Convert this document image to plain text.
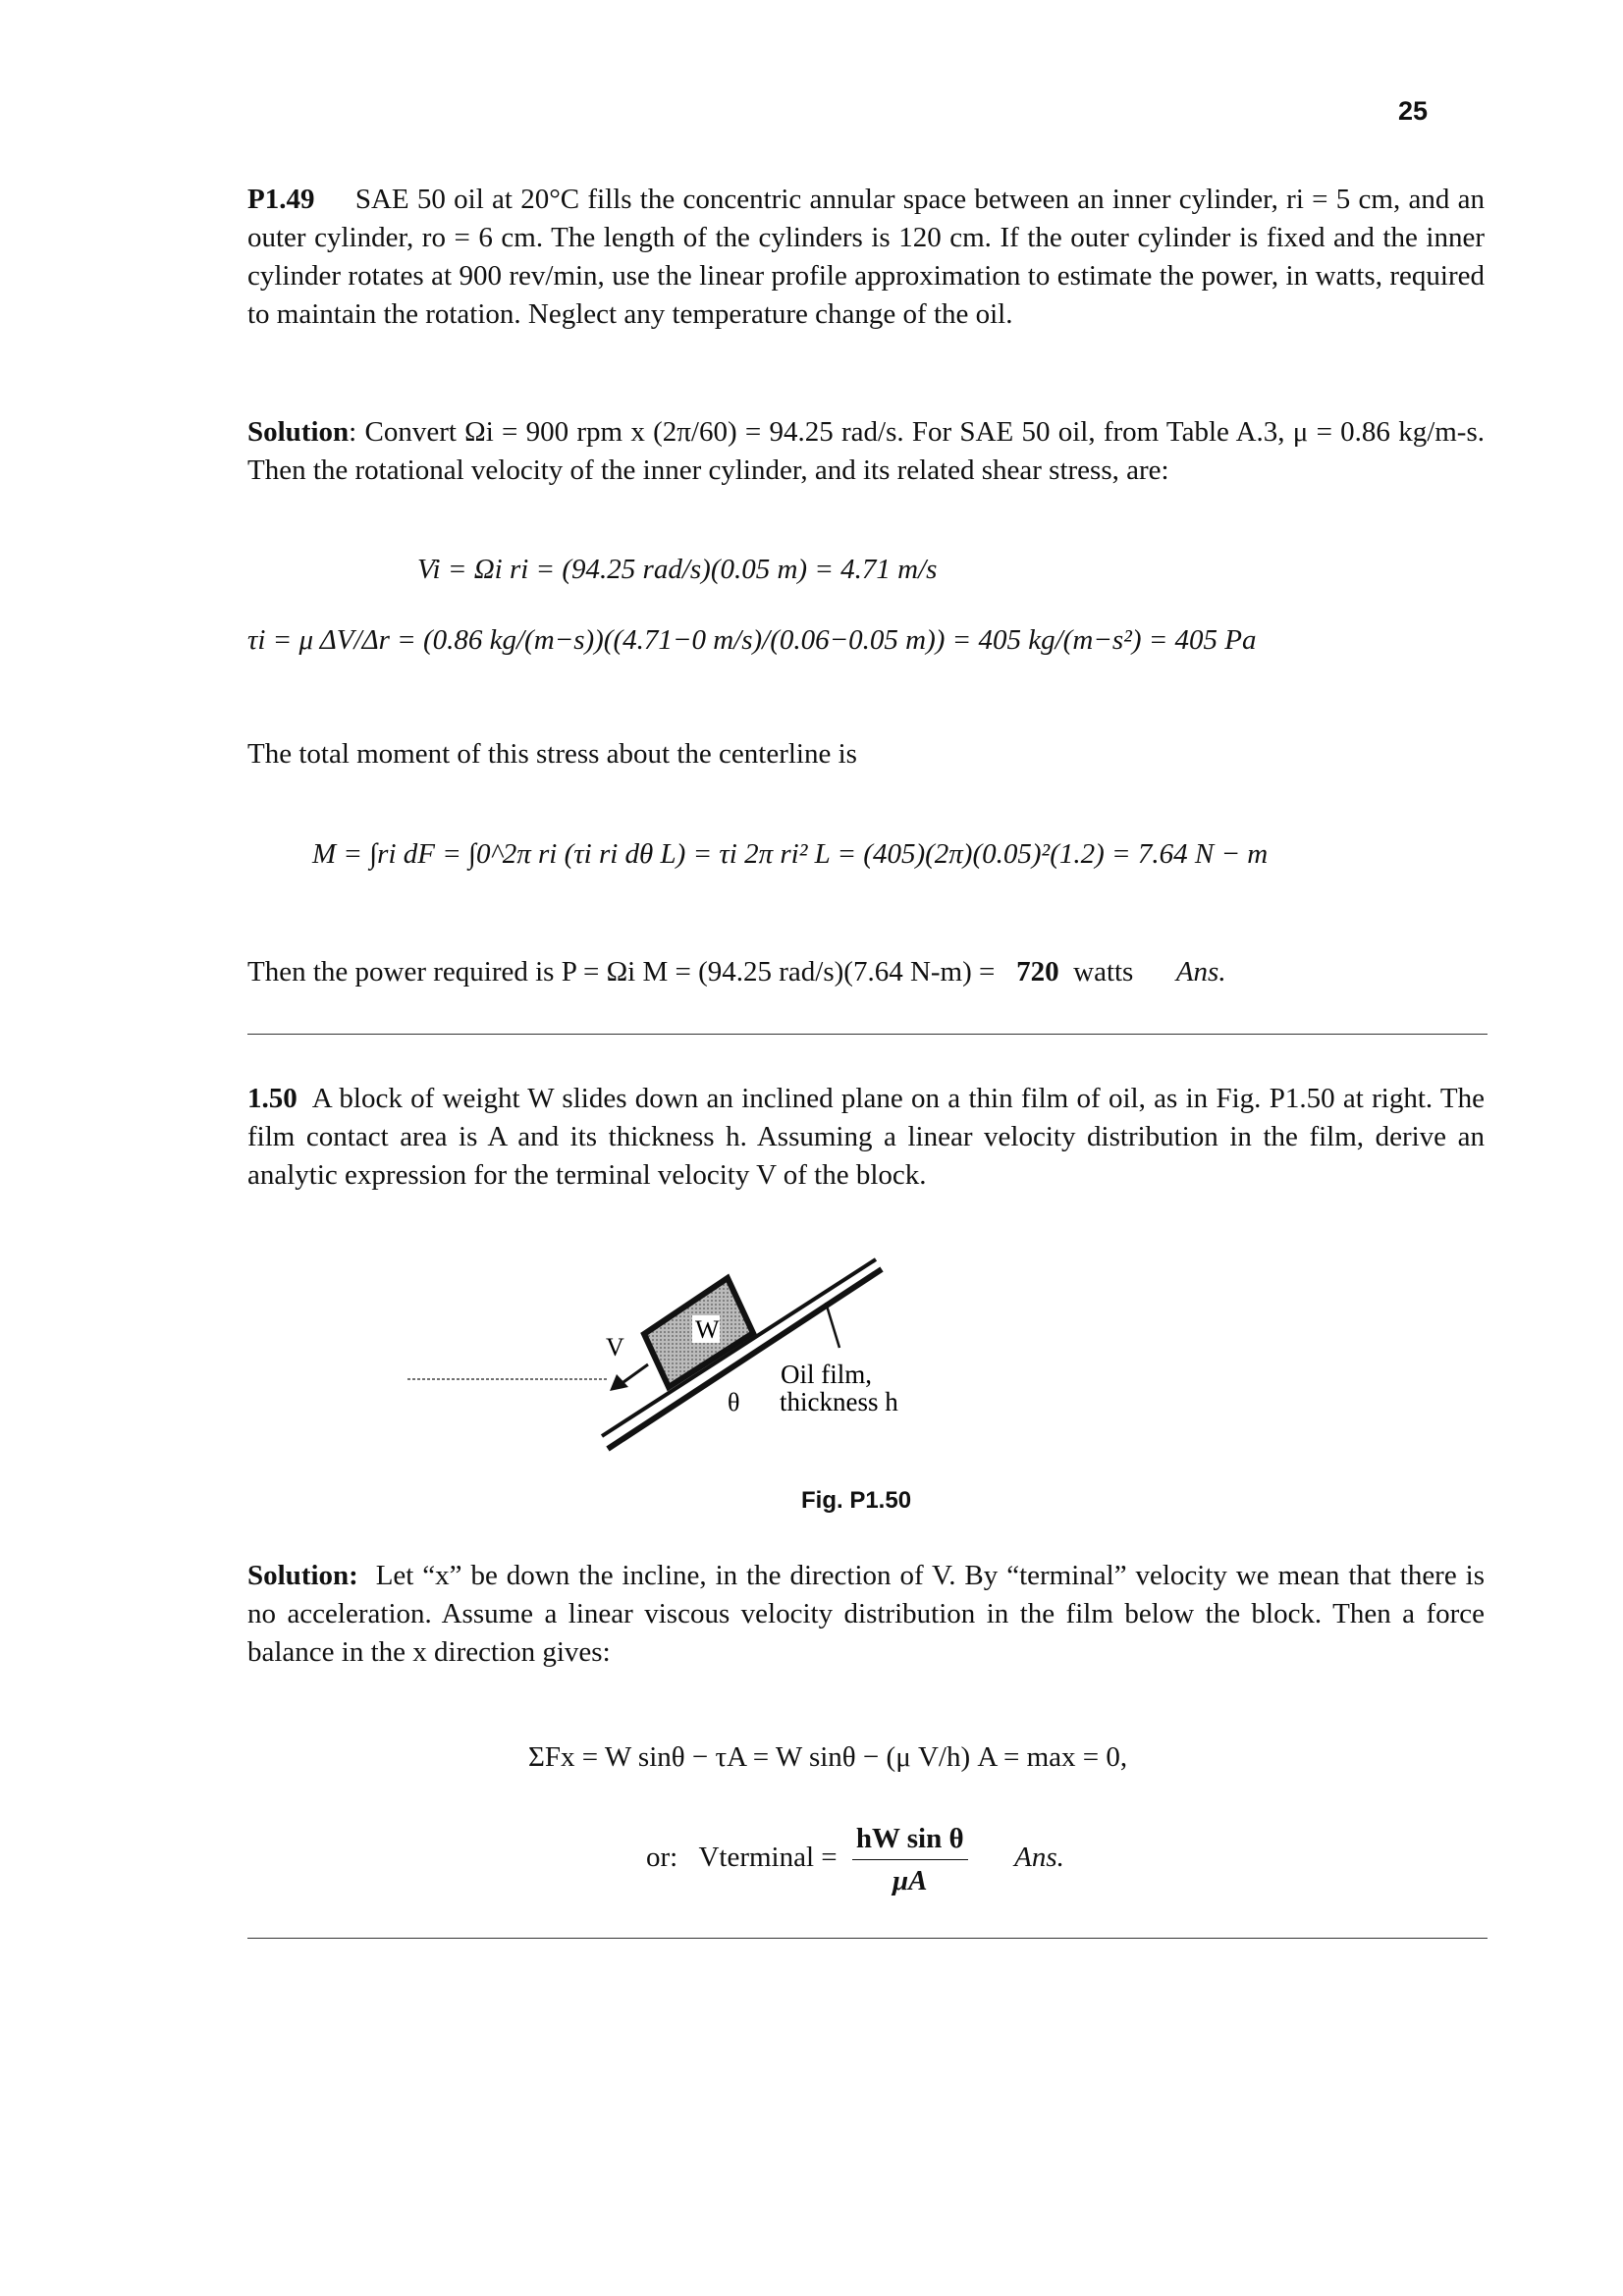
25
P1.49 SAE 50 oil at 20°C fills the concentric annular space between an inner cylinder, ri = 5 cm, and an outer cylinder, ro = 6 cm. The length of the cylinders is 120 cm. If the outer cylinder is fixed and the inner cylinder rotates at 900 rev/min, use the linear profile approximation to estimate the power, in watts, required to maintain the rotation. Neglect any temperature change of the oil.
Solution: Convert Ωi = 900 rpm x (2π/60) = 94.25 rad/s. For SAE 50 oil, from Table A.3, μ = 0.86 kg/m-s. Then the rotational velocity of the inner cylinder, and its related shear stress, are:
Vi = Ωi ri = (94.25 rad/s)(0.05 m) = 4.71 m/s
τi = μ ΔV/Δr = (0.86 kg/(m−s))((4.71−0 m/s)/(0.06−0.05 m)) = 405 kg/(m−s²) = 405 Pa
The total moment of this stress about the centerline is
M = ∫ri dF = ∫0^2π ri (τi ri dθ L) = τi 2π ri² L = (405)(2π)(0.05)²(1.2) = 7.64 N − m
Then the power required is P = Ωi M = (94.25 rad/s)(7.64 N-m) = 720 watts Ans.
1.50 A block of weight W slides down an inclined plane on a thin film of oil, as in Fig. P1.50 at right. The film contact area is A and its thickness h. Assuming a linear velocity distribution in the film, derive an analytic expression for the terminal velocity V of the block.
W
V
θ
Oil film,
thickness h
Fig. P1.50
Solution: Let “x” be down the incline, in the direction of V. By “terminal” velocity we mean that there is no acceleration. Assume a linear viscous velocity distribution in the film below the block. Then a force balance in the x direction gives:
ΣFx = W sinθ − τA = W sinθ − (μ V/h) A = max = 0,
or: Vterminal = $\frac{\text{hW sin θ}}{\mu A}$ Ans.
